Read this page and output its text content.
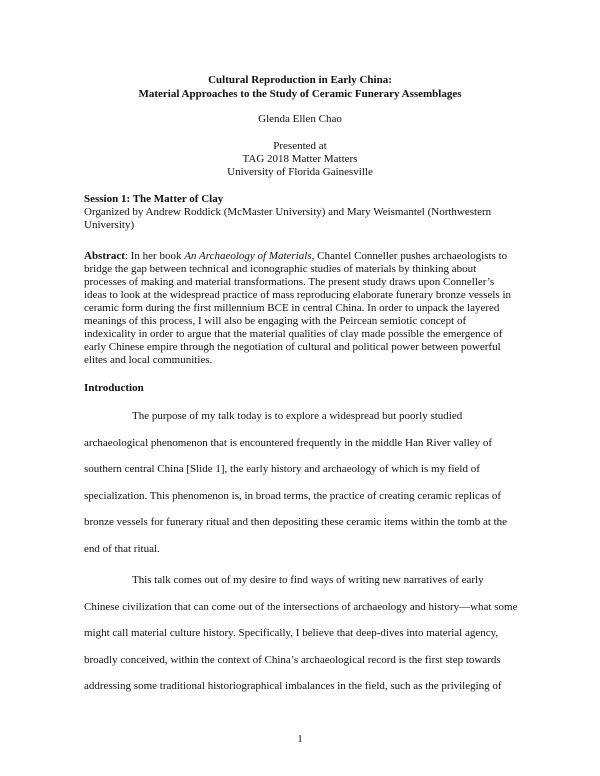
Cultural Reproduction in Early China:
Material Approaches to the Study of Ceramic Funerary Assemblages
Glenda Ellen Chao
Presented at
TAG 2018 Matter Matters
University of Florida Gainesville
Session 1: The Matter of Clay
Organized by Andrew Roddick (McMaster University) and Mary Weismantel (Northwestern University)
Abstract: In her book An Archaeology of Materials, Chantel Conneller pushes archaeologists to bridge the gap between technical and iconographic studies of materials by thinking about processes of making and material transformations. The present study draws upon Conneller’s ideas to look at the widespread practice of mass reproducing elaborate funerary bronze vessels in ceramic form during the first millennium BCE in central China. In order to unpack the layered meanings of this process, I will also be engaging with the Peircean semiotic concept of indexicality in order to argue that the material qualities of clay made possible the emergence of early Chinese empire through the negotiation of cultural and political power between powerful elites and local communities.
Introduction
The purpose of my talk today is to explore a widespread but poorly studied archaeological phenomenon that is encountered frequently in the middle Han River valley of southern central China [Slide 1], the early history and archaeology of which is my field of specialization. This phenomenon is, in broad terms, the practice of creating ceramic replicas of bronze vessels for funerary ritual and then depositing these ceramic items within the tomb at the end of that ritual.
This talk comes out of my desire to find ways of writing new narratives of early Chinese civilization that can come out of the intersections of archaeology and history—what some might call material culture history. Specifically, I believe that deep-dives into material agency, broadly conceived, within the context of China’s archaeological record is the first step towards addressing some traditional historiographical imbalances in the field, such as the privileging of
1
